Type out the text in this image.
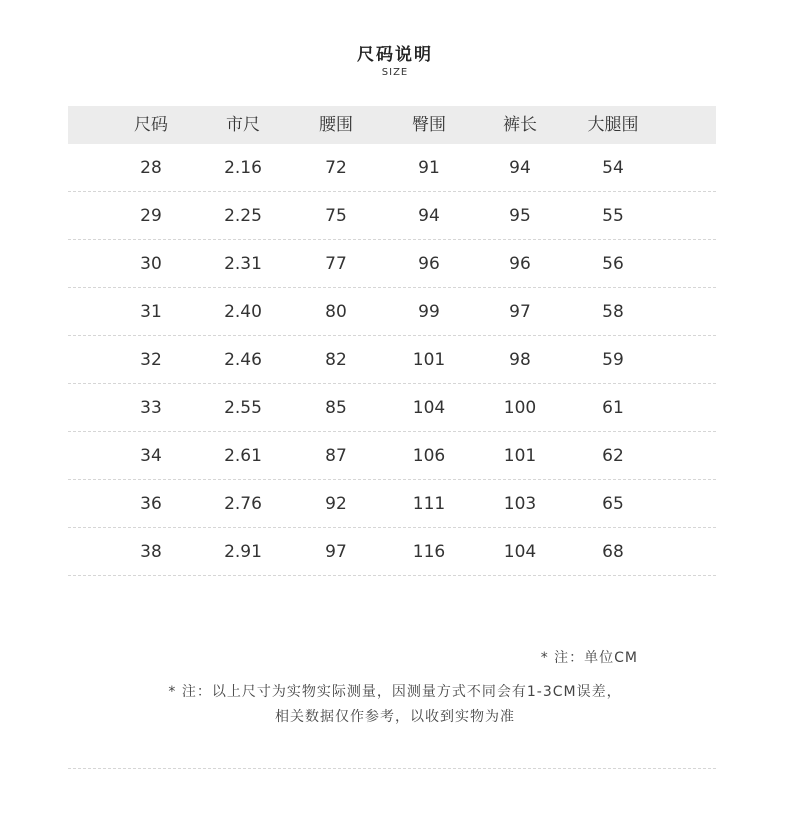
尺码说明
SIZE
尺码	市尺	腰围	臀围	裤长	大腿围
28	2.16	72	91	94	54
29	2.25	75	94	95	55
30	2.31	77	96	96	56
31	2.40	80	99	97	58
32	2.46	82	101	98	59
33	2.55	85	104	100	61
34	2.61	87	106	101	62
36	2.76	92	111	103	65
38	2.91	97	116	104	68
* 注：单位CM
* 注：以上尺寸为实物实际测量，因测量方式不同会有1-3CM误差，
相关数据仅作参考，以收到实物为准
